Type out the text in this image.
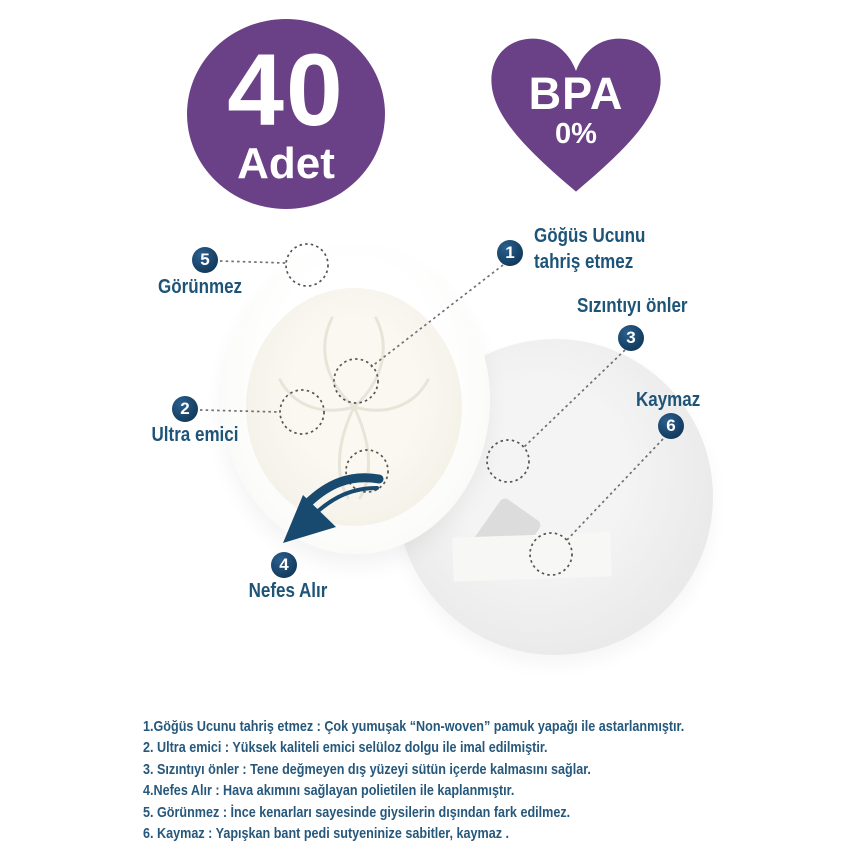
40
Adet
BPA
0%
1
2
3
4
5
6
Göğüs Ucunu
tahriş etmez
Ultra emici
Sızıntıyı önler
Nefes Alır
Görünmez
Kaymaz
1.Göğüs Ucunu tahriş etmez : Çok yumuşak “Non-woven” pamuk yapağı ile astarlanmıştır.
2. Ultra emici : Yüksek kaliteli emici selüloz dolgu ile imal edilmiştir.
3. Sızıntıyı önler : Tene değmeyen dış yüzeyi sütün içerde kalmasını sağlar.
4.Nefes Alır : Hava akımını sağlayan polietilen ile kaplanmıştır.
5. Görünmez : İnce kenarları sayesinde giysilerin dışından fark edilmez.
6. Kaymaz : Yapışkan bant pedi sutyeninize sabitler, kaymaz .
